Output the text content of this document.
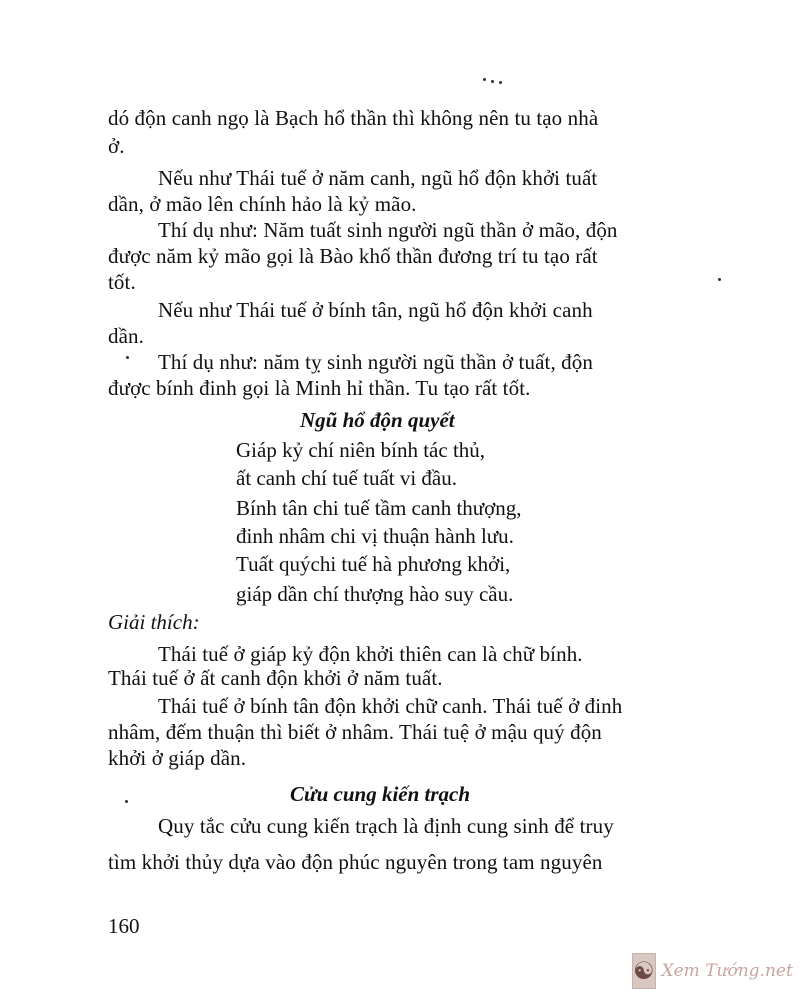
dó độn canh ngọ là Bạch hổ thần thì không nên tu tạo nhà
ở.
Nếu như Thái tuế ở năm canh, ngũ hổ độn khởi tuất
dần, ở mão lên chính hảo là kỷ mão.
Thí dụ như: Năm tuất sinh người ngũ thần ở mão, độn
được năm kỷ mão gọi là Bào khố thần đương trí tu tạo rất
tốt.
Nếu như Thái tuế ở bính tân, ngũ hổ độn khởi canh
dần.
Thí dụ như: năm tỵ sinh người ngũ thần ở tuất, độn
được bính đinh gọi là Minh hỉ thần. Tu tạo rất tốt.
Ngũ hổ độn quyết
Giáp kỷ chí niên bính tác thủ,
ất canh chí tuế tuất vi đầu.
Bính tân chi tuế tầm canh thượng,
đinh nhâm chi vị thuận hành lưu.
Tuất quýchi tuế hà phương khởi,
giáp dần chí thượng hào suy cầu.
Giải thích:
Thái tuế ở giáp kỷ độn khởi thiên can là chữ bính.
Thái tuế ở ất canh độn khởi ở năm tuất.
Thái tuế ở bính tân độn khởi chữ canh. Thái tuế ở đinh
nhâm, đếm thuận thì biết ở nhâm. Thái tuệ ở mậu quý độn
khởi ở giáp dần.
Cửu cung kiến trạch
Quy tắc cửu cung kiến trạch là định cung sinh để truy
tìm khởi thủy dựa vào độn phúc nguyên trong tam nguyên
160
☯ Xem Tướng.net
